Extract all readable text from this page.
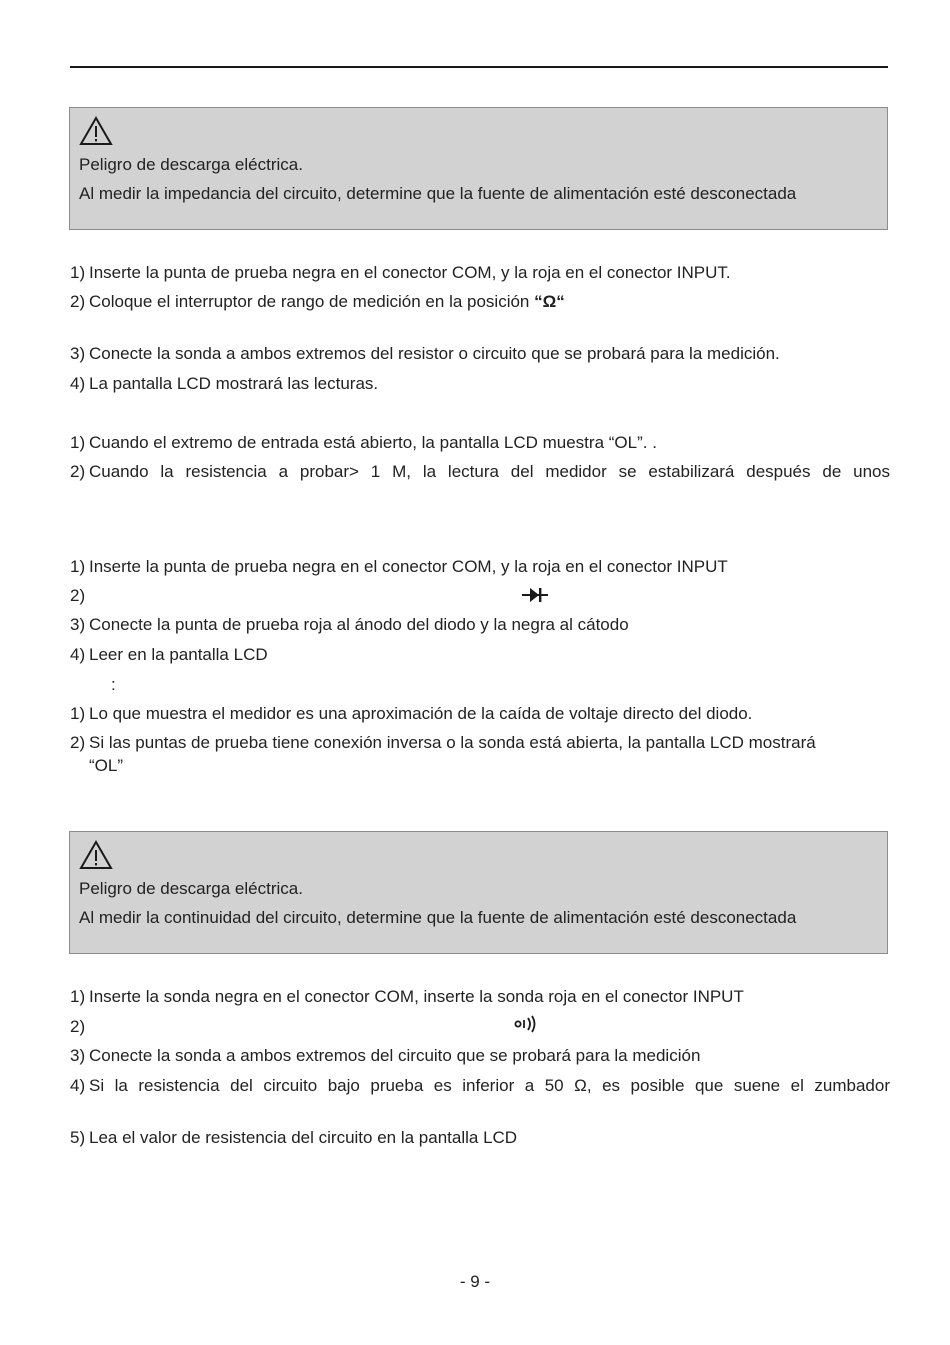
Peligro de descarga eléctrica.
Al medir la impedancia del circuito, determine que la fuente de alimentación esté desconectada
1) Inserte la punta de prueba negra en el conector COM, y la roja en el conector INPUT.
2) Coloque el interruptor de rango de medición en la posición “Ω“
3) Conecte la sonda a ambos extremos del resistor o circuito que se probará para la medición.
4) La pantalla LCD mostrará las lecturas.
1) Cuando el extremo de entrada está abierto, la pantalla LCD muestra “OL”. .
2) Cuando la resistencia a probar> 1 M, la lectura del medidor se estabilizará después de unos
1) Inserte la punta de prueba negra en el conector COM, y la roja en el conector INPUT
2)
3) Conecte la punta de prueba roja al ánodo del diodo y la negra al cátodo
4) Leer en la pantalla LCD
:
1) Lo que muestra el medidor es una aproximación de la caída de voltaje directo del diodo.
2) Si las puntas de prueba tiene conexión inversa o la sonda está abierta, la pantalla LCD mostrará
“OL”
Peligro de descarga eléctrica.
Al medir la continuidad del circuito, determine que la fuente de alimentación esté desconectada
1) Inserte la sonda negra en el conector COM, inserte la sonda roja en el conector INPUT
2)
3) Conecte la sonda a ambos extremos del circuito que se probará para la medición
4) Si la resistencia del circuito bajo prueba es inferior a 50 Ω, es posible que suene el zumbador
5) Lea el valor de resistencia del circuito en la pantalla LCD
- 9 -
